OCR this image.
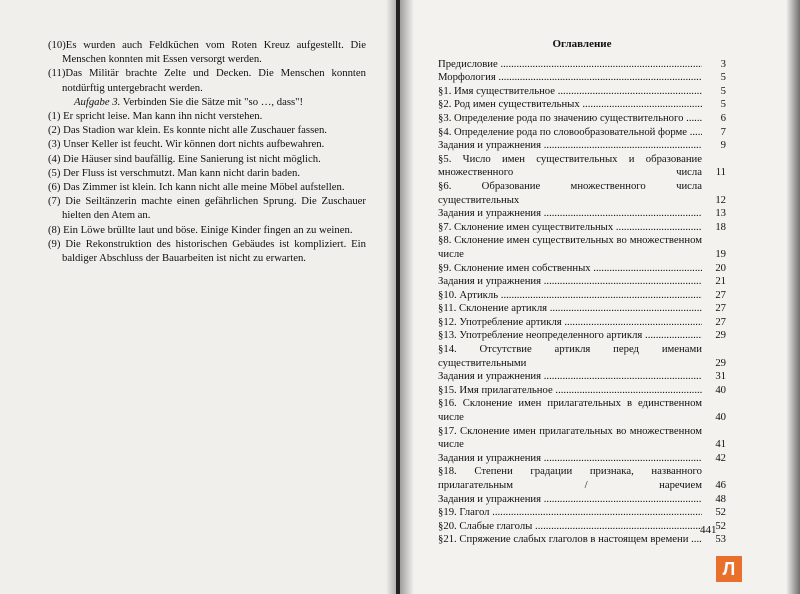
(10)Es wurden auch Feldküchen vom Roten Kreuz aufgestellt. Die Menschen konnten mit Essen versorgt werden.

(11)Das Militär brachte Zelte und Decken. Die Menschen konnten notdürftig untergebracht werden.

Aufgabe 3. Verbinden Sie die Sätze mit "so …, dass"!

(1) Er spricht leise. Man kann ihn nicht verstehen.

(2) Das Stadion war klein. Es konnte nicht alle Zuschauer fassen.

(3) Unser Keller ist feucht. Wir können dort nichts aufbewahren.

(4) Die Häuser sind baufällig. Eine Sanierung ist nicht möglich.

(5) Der Fluss ist verschmutzt. Man kann nicht darin baden.

(6) Das Zimmer ist klein. Ich kann nicht alle meine Möbel aufstellen.

(7) Die Seiltänzerin machte einen gefährlichen Sprung. Die Zuschauer hielten den Atem an.

(8) Ein Löwe brüllte laut und böse. Einige Kinder fingen an zu weinen.

(9) Die Rekonstruktion des historischen Gebäudes ist kompliziert. Ein baldiger Abschluss der Bauarbeiten ist nicht zu erwarten.

Оглавление
Предисловие .....	3
Морфология .....	5
§1. Имя существительное .....	5
§2. Род имен существительных .....	5
§3. Определение рода по значению существительного .....	6
§4. Определение рода по словообразовательной форме .....	7
Задания и упражнения .....	9
§5. Число имен существительных и образование множественного числа .....	11
§6. Образование множественного числа существительных .....	12
Задания и упражнения .....	13
§7. Склонение имен существительных .....	18
§8. Склонение имен существительных во множественном числе .....	19
§9. Склонение имен собственных .....	20
Задания и упражнения .....	21
§10. Артикль .....	27
§11. Склонение артикля .....	27
§12. Употребление артикля .....	27
§13. Употребление неопределенного артикля .....	29
§14. Отсутствие артикля перед именами существительными .....	29
Задания и упражнения .....	31
§15. Имя прилагательное .....	40
§16. Склонение имен прилагательных в единственном числе .....	40
§17. Склонение имен прилагательных во множественном числе .....	41
Задания и упражнения .....	42
§18. Степени градации признака, названного прилагательным / наречием .....	46
Задания и упражнения .....	48
§19. Глагол .....	52
§20. Слабые глаголы .....	52
§21. Спряжение слабых глаголов в настоящем времени .....	53
441
Л
